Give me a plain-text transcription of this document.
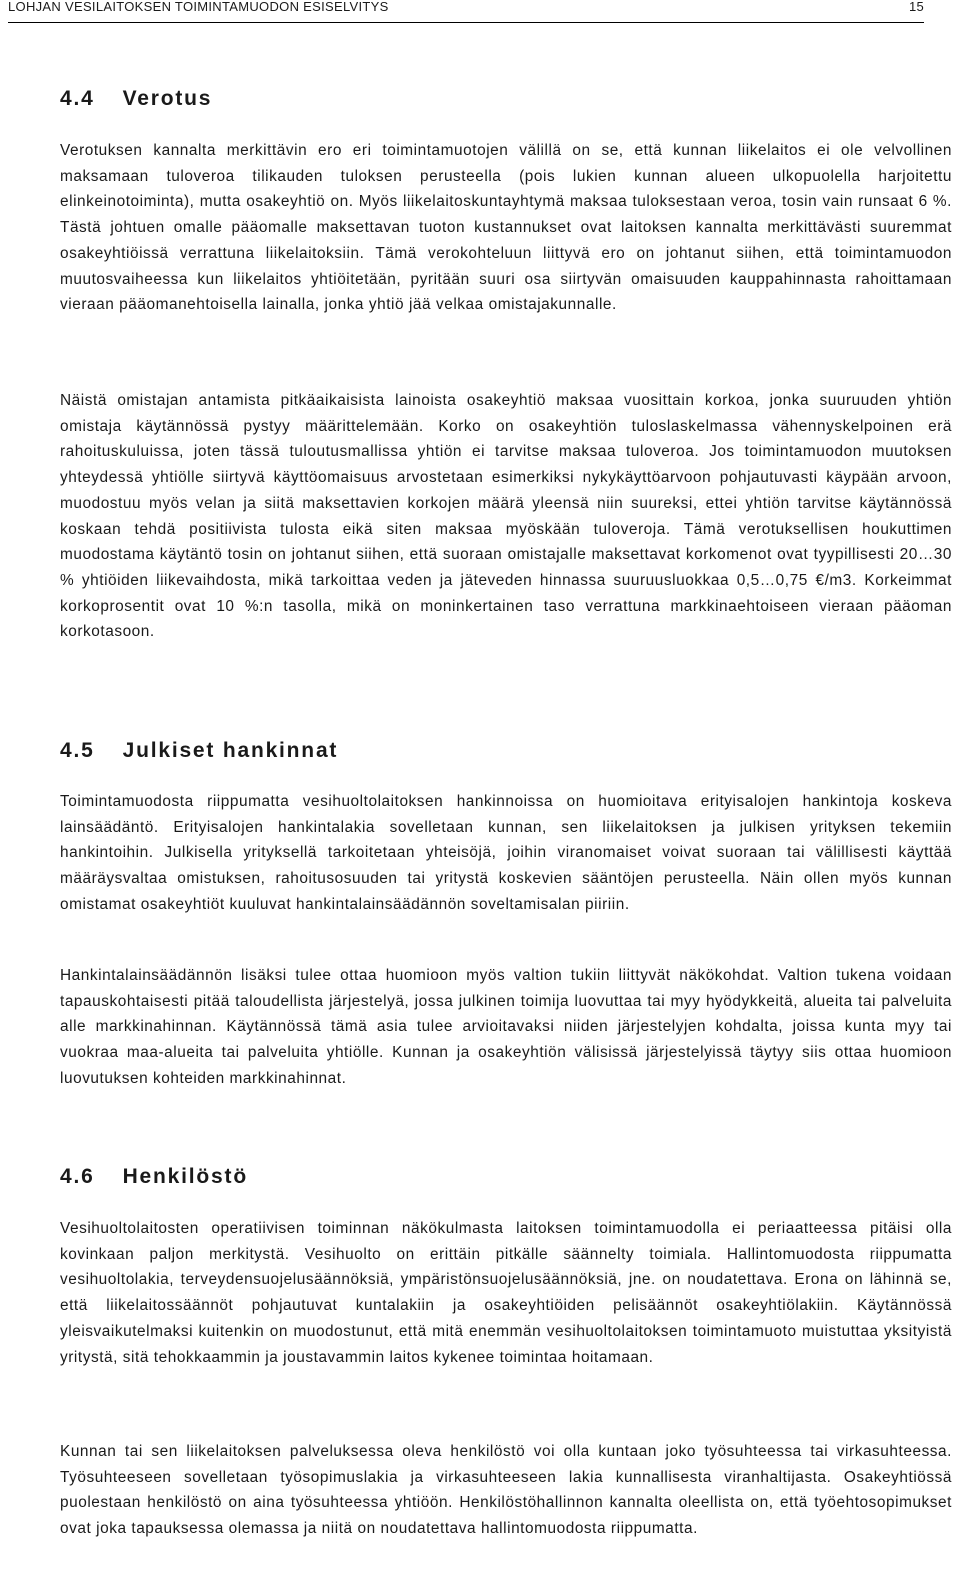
LOHJAN VESILAITOKSEN TOIMINTAMUODON ESISELVITYS	15
4.4 Verotus

Verotuksen kannalta merkittävin ero eri toimintamuotojen välillä on se, että kunnan liikelaitos ei ole velvollinen maksamaan tuloveroa tilikauden tuloksen perusteella (pois lukien kunnan alueen ulkopuolella harjoitettu elinkeinotoiminta), mutta osakeyhtiö on. Myös liikelaitoskuntayhtymä maksaa tuloksestaan veroa, tosin vain runsaat 6 %. Tästä johtuen omalle pääomalle maksettavan tuoton kustannukset ovat laitoksen kannalta merkittävästi suuremmat osakeyhtiöissä verrattuna liikelaitoksiin. Tämä verokohteluun liittyvä ero on johtanut siihen, että toimintamuodon muutosvaiheessa kun liikelaitos yhtiöitetään, pyritään suuri osa siirtyvän omaisuuden kauppahinnasta rahoittamaan vieraan pääomanehtoisella lainalla, jonka yhtiö jää velkaa omistajakunnalle.

Näistä omistajan antamista pitkäaikaisista lainoista osakeyhtiö maksaa vuosittain korkoa, jonka suuruuden yhtiön omistaja käytännössä pystyy määrittelemään. Korko on osakeyhtiön tuloslaskelmassa vähennyskelpoinen erä rahoituskuluissa, joten tässä tuloutusmallissa yhtiön ei tarvitse maksaa tuloveroa. Jos toimintamuodon muutoksen yhteydessä yhtiölle siirtyvä käyttöomaisuus arvostetaan esimerkiksi nykykäyttöarvoon pohjautuvasti käypään arvoon, muodostuu myös velan ja siitä maksettavien korkojen määrä yleensä niin suureksi, ettei yhtiön tarvitse käytännössä koskaan tehdä positiivista tulosta eikä siten maksaa myöskään tuloveroja. Tämä verotuksellisen houkuttimen muodostama käytäntö tosin on johtanut siihen, että suoraan omistajalle maksettavat korkomenot ovat tyypillisesti 20…30 % yhtiöiden liikevaihdosta, mikä tarkoittaa veden ja jäteveden hinnassa suuruusluokkaa 0,5…0,75 €/m3. Korkeimmat korkoprosentit ovat 10 %:n tasolla, mikä on moninkertainen taso verrattuna markkinaehtoiseen vieraan pääoman korkotasoon.

4.5 Julkiset hankinnat

Toimintamuodosta riippumatta vesihuoltolaitoksen hankinnoissa on huomioitava erityisalojen hankintoja koskeva lainsäädäntö. Erityisalojen hankintalakia sovelletaan kunnan, sen liikelaitoksen ja julkisen yrityksen tekemiin hankintoihin. Julkisella yrityksellä tarkoitetaan yhteisöjä, joihin viranomaiset voivat suoraan tai välillisesti käyttää määräysvaltaa omistuksen, rahoitusosuuden tai yritystä koskevien sääntöjen perusteella. Näin ollen myös kunnan omistamat osakeyhtiöt kuuluvat hankintalainsäädännön soveltamisalan piiriin.

Hankintalainsäädännön lisäksi tulee ottaa huomioon myös valtion tukiin liittyvät näkökohdat. Valtion tukena voidaan tapauskohtaisesti pitää taloudellista järjestelyä, jossa julkinen toimija luovuttaa tai myy hyödykkeitä, alueita tai palveluita alle markkinahinnan. Käytännössä tämä asia tulee arvioitavaksi niiden järjestelyjen kohdalta, joissa kunta myy tai vuokraa maa-alueita tai palveluita yhtiölle. Kunnan ja osakeyhtiön välisissä järjestelyissä täytyy siis ottaa huomioon luovutuksen kohteiden markkinahinnat.

4.6 Henkilöstö

Vesihuoltolaitosten operatiivisen toiminnan näkökulmasta laitoksen toimintamuodolla ei periaatteessa pitäisi olla kovinkaan paljon merkitystä. Vesihuolto on erittäin pitkälle säännelty toimiala. Hallintomuodosta riippumatta vesihuoltolakia, terveydensuojelusäännöksiä, ympäristönsuojelusäännöksiä, jne. on noudatettava. Erona on lähinnä se, että liikelaitossäännöt pohjautuvat kuntalakiin ja osakeyhtiöiden pelisäännöt osakeyhtiölakiin. Käytännössä yleisvaikutelmaksi kuitenkin on muodostunut, että mitä enemmän vesihuoltolaitoksen toimintamuoto muistuttaa yksityistä yritystä, sitä tehokkaammin ja joustavammin laitos kykenee toimintaa hoitamaan.

Kunnan tai sen liikelaitoksen palveluksessa oleva henkilöstö voi olla kuntaan joko työsuhteessa tai virkasuhteessa. Työsuhteeseen sovelletaan työsopimuslakia ja virkasuhteeseen lakia kunnallisesta viranhaltijasta. Osakeyhtiössä puolestaan henkilöstö on aina työsuhteessa yhtiöön. Henkilöstöhallinnon kannalta oleellista on, että työehtosopimukset ovat joka tapauksessa olemassa ja niitä on noudatettava hallintomuodosta riippumatta.
